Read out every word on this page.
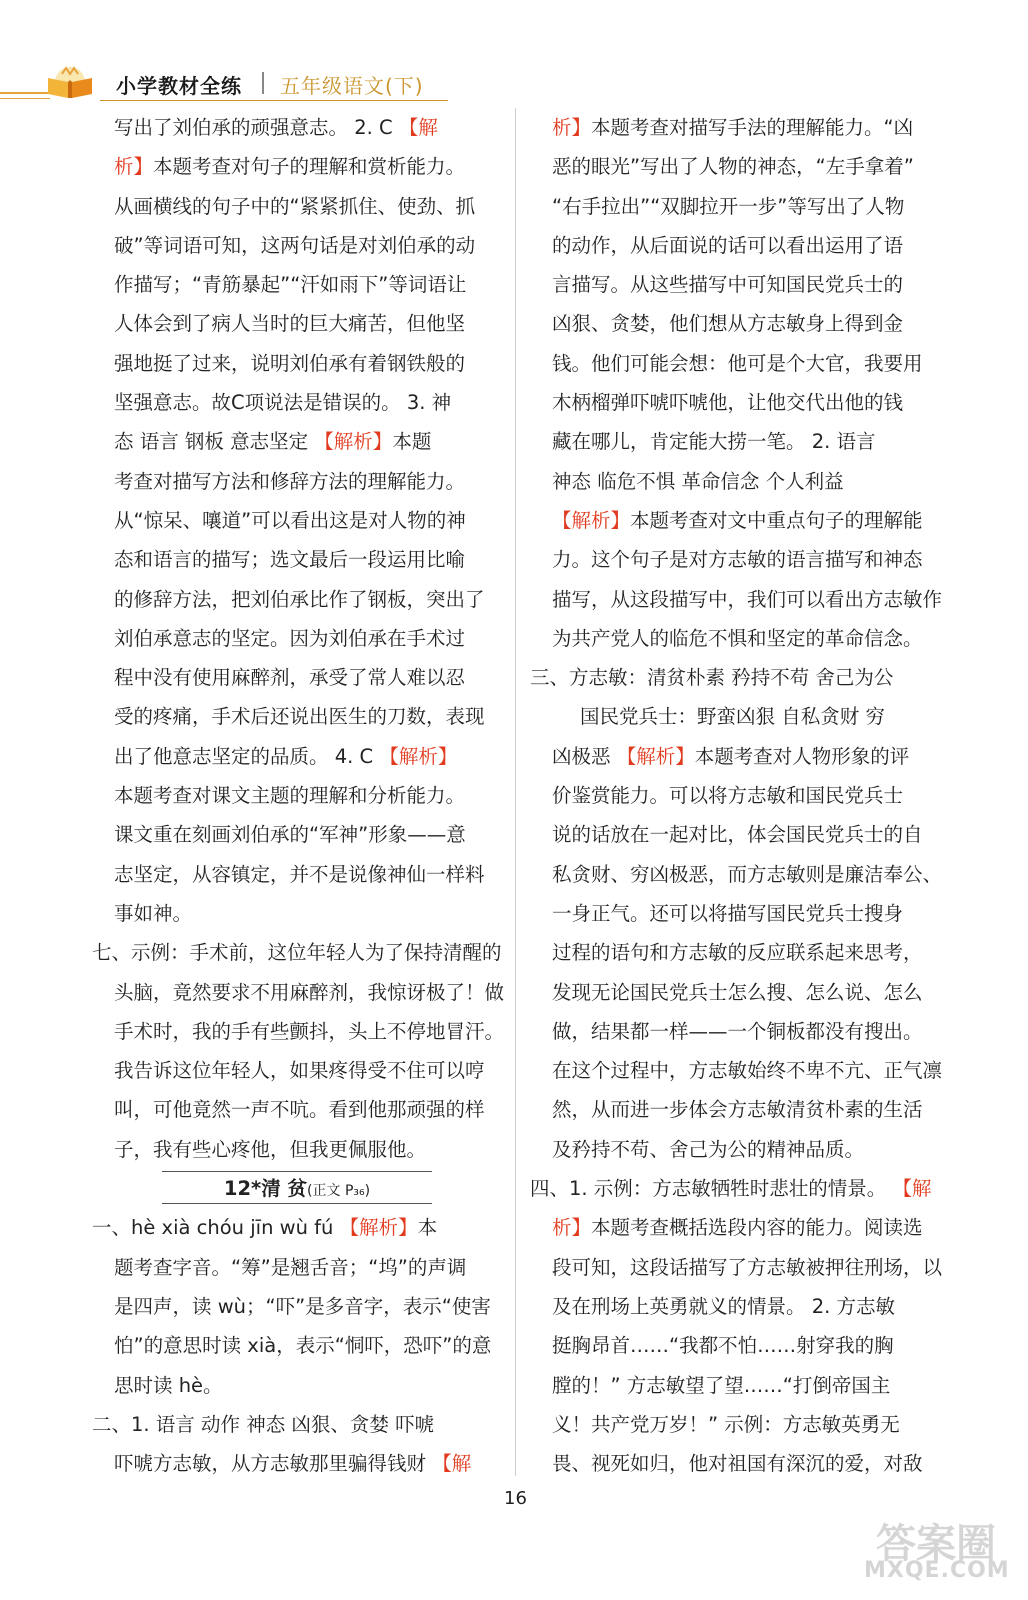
小学教材全练 五年级语文(下)
写出了刘伯承的顽强意志。 2. C 【解
析】本题考查对句子的理解和赏析能力。
从画横线的句子中的“紧紧抓住、使劲、抓
破”等词语可知，这两句话是对刘伯承的动
作描写；“青筋暴起”“汗如雨下”等词语让
人体会到了病人当时的巨大痛苦，但他坚
强地挺了过来，说明刘伯承有着钢铁般的
坚强意志。故C项说法是错误的。 3. 神
态 语言 钢板 意志坚定 【解析】本题
考查对描写方法和修辞方法的理解能力。
从“惊呆、嚷道”可以看出这是对人物的神
态和语言的描写；选文最后一段运用比喻
的修辞方法，把刘伯承比作了钢板，突出了
刘伯承意志的坚定。因为刘伯承在手术过
程中没有使用麻醉剂，承受了常人难以忍
受的疼痛，手术后还说出医生的刀数，表现
出了他意志坚定的品质。 4. C 【解析】
本题考查对课文主题的理解和分析能力。
课文重在刻画刘伯承的“军神”形象——意
志坚定，从容镇定，并不是说像神仙一样料
事如神。
七、示例：手术前，这位年轻人为了保持清醒的
头脑，竟然要求不用麻醉剂，我惊讶极了！做
手术时，我的手有些颤抖，头上不停地冒汗。
我告诉这位年轻人，如果疼得受不住可以哼
叫，可他竟然一声不吭。看到他那顽强的样
子，我有些心疼他，但我更佩服他。
12*清 贫(正文 P₃₆)
一、hè xià chóu jīn wù fú 【解析】本
题考查字音。“筹”是翘舌音；“坞”的声调
是四声，读 wù；“吓”是多音字，表示“使害
怕”的意思时读 xià，表示“恫吓，恐吓”的意
思时读 hè。
二、1. 语言 动作 神态 凶狠、贪婪 吓唬
吓唬方志敏，从方志敏那里骗得钱财 【解
析】本题考查对描写手法的理解能力。“凶
恶的眼光”写出了人物的神态，“左手拿着”
“右手拉出”“双脚拉开一步”等写出了人物
的动作，从后面说的话可以看出运用了语
言描写。从这些描写中可知国民党兵士的
凶狠、贪婪，他们想从方志敏身上得到金
钱。他们可能会想：他可是个大官，我要用
木柄榴弹吓唬吓唬他，让他交代出他的钱
藏在哪儿，肯定能大捞一笔。 2. 语言
神态 临危不惧 革命信念 个人利益
【解析】本题考查对文中重点句子的理解能
力。这个句子是对方志敏的语言描写和神态
描写，从这段描写中，我们可以看出方志敏作
为共产党人的临危不惧和坚定的革命信念。
三、方志敏：清贫朴素 矜持不苟 舍己为公
国民党兵士：野蛮凶狠 自私贪财 穷
凶极恶 【解析】本题考查对人物形象的评
价鉴赏能力。可以将方志敏和国民党兵士
说的话放在一起对比，体会国民党兵士的自
私贪财、穷凶极恶，而方志敏则是廉洁奉公、
一身正气。还可以将描写国民党兵士搜身
过程的语句和方志敏的反应联系起来思考，
发现无论国民党兵士怎么搜、怎么说、怎么
做，结果都一样——一个铜板都没有搜出。
在这个过程中，方志敏始终不卑不亢、正气凛
然，从而进一步体会方志敏清贫朴素的生活
及矜持不苟、舍己为公的精神品质。
四、1. 示例：方志敏牺牲时悲壮的情景。 【解
析】本题考查概括选段内容的能力。阅读选
段可知，这段话描写了方志敏被押往刑场，以
及在刑场上英勇就义的情景。 2. 方志敏
挺胸昂首……“我都不怕……射穿我的胸
膛的！” 方志敏望了望……“打倒帝国主
义！共产党万岁！” 示例：方志敏英勇无
畏、视死如归，他对祖国有深沉的爱，对敌
16
答案圈
MXQE.COM
